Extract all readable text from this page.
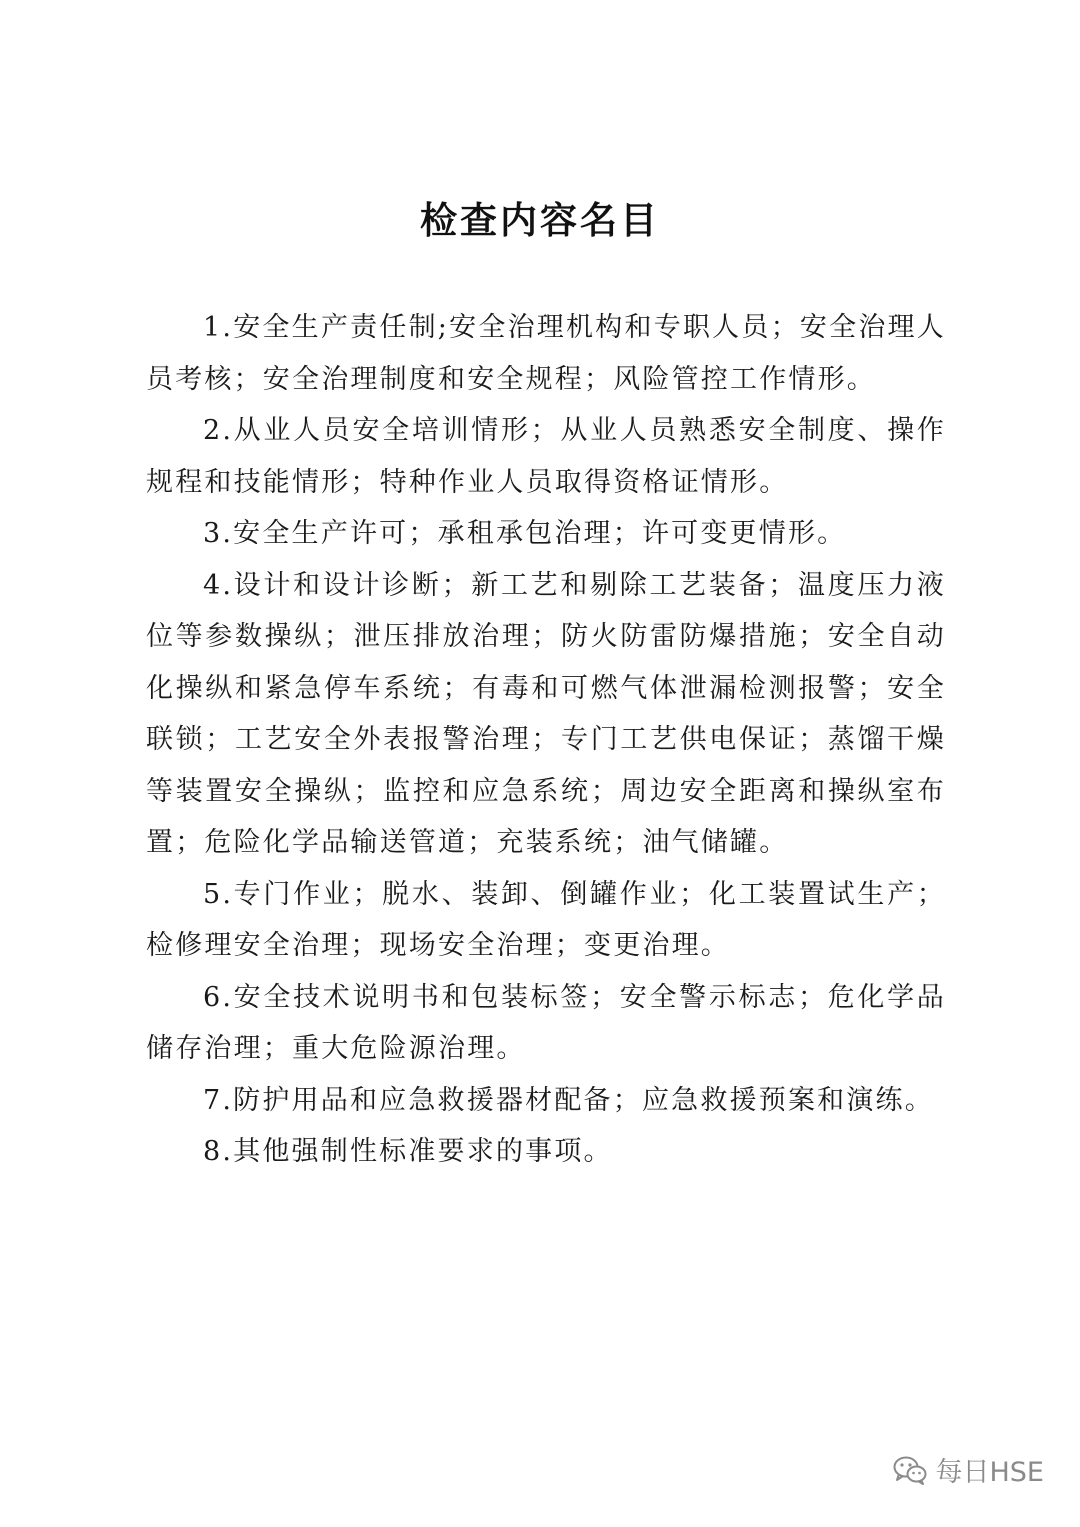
检查内容名目

1.安全生产责任制;安全治理机构和专职人员；安全治理人员考核；安全治理制度和安全规程；风险管控工作情形。

2.从业人员安全培训情形；从业人员熟悉安全制度、操作规程和技能情形；特种作业人员取得资格证情形。

3.安全生产许可；承租承包治理；许可变更情形。

4.设计和设计诊断；新工艺和剔除工艺装备；温度压力液位等参数操纵；泄压排放治理；防火防雷防爆措施；安全自动化操纵和紧急停车系统；有毒和可燃气体泄漏检测报警；安全联锁；工艺安全外表报警治理；专门工艺供电保证；蒸馏干燥等装置安全操纵；监控和应急系统；周边安全距离和操纵室布置；危险化学品输送管道；充装系统；油气储罐。

5.专门作业；脱水、装卸、倒罐作业；化工装置试生产；检修理安全治理；现场安全治理；变更治理。

6.安全技术说明书和包装标签；安全警示标志；危化学品储存治理；重大危险源治理。

7.防护用品和应急救援器材配备；应急救援预案和演练。

8.其他强制性标准要求的事项。

每日HSE
